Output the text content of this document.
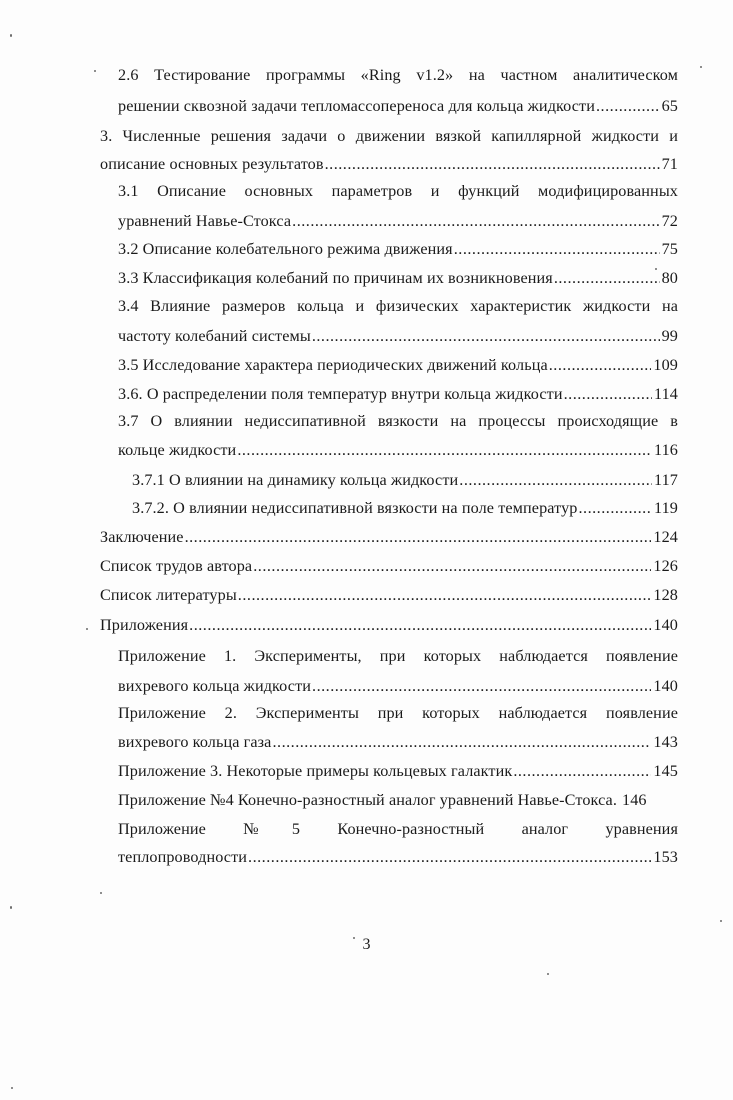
2.6 Тестирование программы «Ring v1.2» на частном аналитическом
решении сквозной задачи тепломассопереноса для кольца жидкости .....	65
3. Численные решения задачи о движении вязкой капиллярной жидкости и
описание основных результатов .....	71
3.1 Описание основных параметров и функций модифицированных
уравнений Навье-Стокса .....	72
3.2 Описание колебательного режима движения .....	75
3.3 Классификация колебаний по причинам их возникновения .....	80
3.4 Влияние размеров кольца и физических характеристик жидкости на
частоту колебаний системы .....	99
3.5 Исследование характера периодических движений кольца .....	109
3.6. О распределении поля температур внутри кольца жидкости .....	114
3.7 О влиянии недиссипативной вязкости на процессы происходящие в
кольце жидкости .....	116
3.7.1 О влиянии на динамику кольца жидкости .....	117
3.7.2. О влиянии недиссипативной вязкости на поле температур .....	119
Заключение .....	124
Список трудов автора .....	126
Список литературы .....	128
Приложения .....	140
Приложение 1. Эксперименты, при которых наблюдается появление
вихревого кольца жидкости .....	140
Приложение 2. Эксперименты при которых наблюдается появление
вихревого кольца газа .....	143
Приложение 3. Некоторые примеры кольцевых галактик .....	145
Приложение №4 Конечно-разностный аналог уравнений Навье-Стокса. 146
Приложение №5 Конечно-разностный аналог уравнения
теплопроводности .....	153
3
